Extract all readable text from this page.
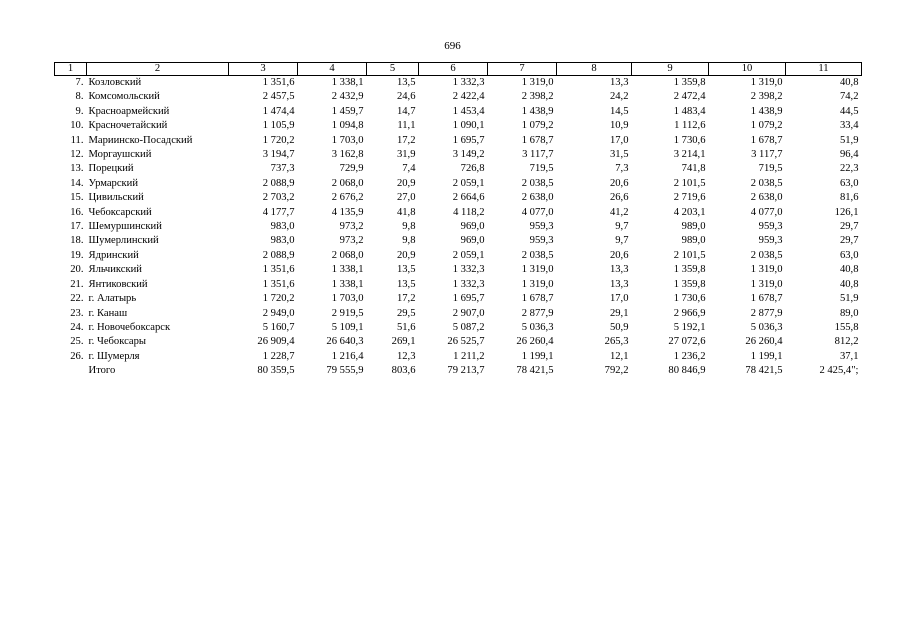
696
1	2	3	4	5	6	7	8	9	10	11
7.	Козловский	1 351,6	1 338,1	13,5	1 332,3	1 319,0	13,3	1 359,8	1 319,0	40,8
8.	Комсомольский	2 457,5	2 432,9	24,6	2 422,4	2 398,2	24,2	2 472,4	2 398,2	74,2
9.	Красноармейский	1 474,4	1 459,7	14,7	1 453,4	1 438,9	14,5	1 483,4	1 438,9	44,5
10.	Красночетайский	1 105,9	1 094,8	11,1	1 090,1	1 079,2	10,9	1 112,6	1 079,2	33,4
11.	Мариинско-Посадский	1 720,2	1 703,0	17,2	1 695,7	1 678,7	17,0	1 730,6	1 678,7	51,9
12.	Моргаушский	3 194,7	3 162,8	31,9	3 149,2	3 117,7	31,5	3 214,1	3 117,7	96,4
13.	Порецкий	737,3	729,9	7,4	726,8	719,5	7,3	741,8	719,5	22,3
14.	Урмарский	2 088,9	2 068,0	20,9	2 059,1	2 038,5	20,6	2 101,5	2 038,5	63,0
15.	Цивильский	2 703,2	2 676,2	27,0	2 664,6	2 638,0	26,6	2 719,6	2 638,0	81,6
16.	Чебоксарский	4 177,7	4 135,9	41,8	4 118,2	4 077,0	41,2	4 203,1	4 077,0	126,1
17.	Шемуршинский	983,0	973,2	9,8	969,0	959,3	9,7	989,0	959,3	29,7
18.	Шумерлинский	983,0	973,2	9,8	969,0	959,3	9,7	989,0	959,3	29,7
19.	Ядринский	2 088,9	2 068,0	20,9	2 059,1	2 038,5	20,6	2 101,5	2 038,5	63,0
20.	Яльчикский	1 351,6	1 338,1	13,5	1 332,3	1 319,0	13,3	1 359,8	1 319,0	40,8
21.	Янтиковский	1 351,6	1 338,1	13,5	1 332,3	1 319,0	13,3	1 359,8	1 319,0	40,8
22.	г. Алатырь	1 720,2	1 703,0	17,2	1 695,7	1 678,7	17,0	1 730,6	1 678,7	51,9
23.	г. Канаш	2 949,0	2 919,5	29,5	2 907,0	2 877,9	29,1	2 966,9	2 877,9	89,0
24.	г. Новочебоксарск	5 160,7	5 109,1	51,6	5 087,2	5 036,3	50,9	5 192,1	5 036,3	155,8
25.	г. Чебоксары	26 909,4	26 640,3	269,1	26 525,7	26 260,4	265,3	27 072,6	26 260,4	812,2
26.	г. Шумерля	1 228,7	1 216,4	12,3	1 211,2	1 199,1	12,1	1 236,2	1 199,1	37,1
	Итого	80 359,5	79 555,9	803,6	79 213,7	78 421,5	792,2	80 846,9	78 421,5	2 425,4";
